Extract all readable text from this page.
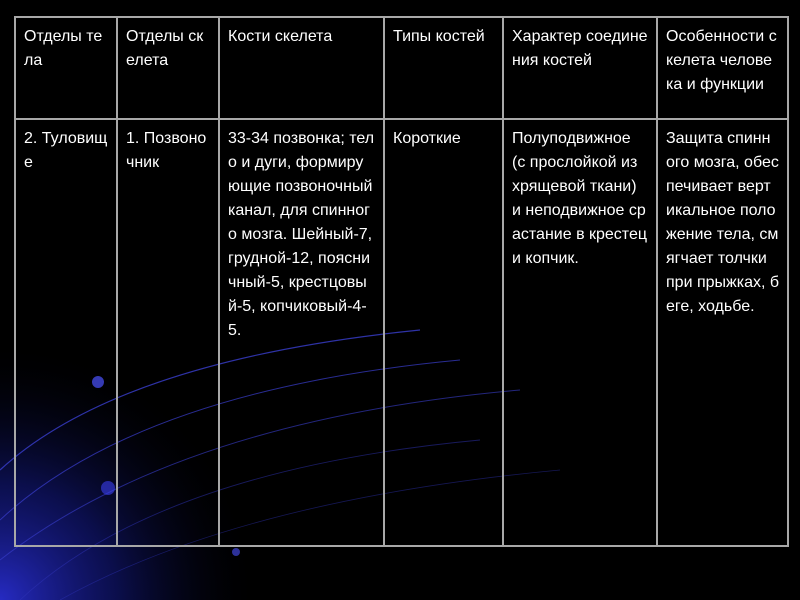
Отделы тела	Отделы скелета	Кости скелета	Типы костей	Характер соединения костей	Особенности скелета человека и функции
2. Туловище	1. Позвоночник	33-34 позвонка; тело и дуги, формирующие позвоночный канал, для спинного мозга. Шейный-7, грудной-12, поясничный-5, крестцовый-5, копчиковый-4-5.	Короткие	Полуподвижное (с прослойкой из хрящевой ткани) и неподвижное срастание в крестец и копчик.	Защита спинного мозга, обеспечивает вертикальное положение тела, смягчает толчки при прыжках, беге, ходьбе.
